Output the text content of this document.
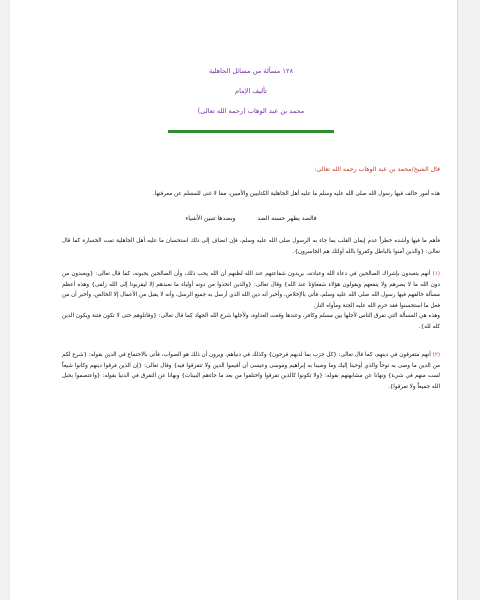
١٢٨ مسألة من مسائل الجاهلية
تأليف الإمام
محمد بن عبد الوهاب (رحمه الله تعالى)
قال الشيخ/محمد بن عبد الوهاب رحمه الله تعالى:

هذه أمور خالف فيها رسول الله صلى الله عليه وسلم ما عليه أهل الجاهلية الكتابيين والأميين، مما لا غنى للمسلم عن معرفتها.

فالضد يظهر حسنه الضد
وبضدها تتبين الأشياء

فأهم ما فيها وأشده خطراً عدم إيمان القلب بما جاء به الرسول صلى الله عليه وسلم، فإن انضاف إلى ذلك استحسان ما عليه أهل الجاهلية تمت الخسارة كما قال تعالى: {والذين آمنوا بالباطل وكفروا بالله أولئك هم الخاسرون}.

(١) أنهم يتعبدون بإشراك الصالحين في دعاء الله وعبادته، يريدون شفاعتهم عند الله لظنهم أن الله يحب ذلك، وأن الصالحين يحبونه، كما قال تعالى: {ويعبدون من دون الله ما لا يضرهم ولا ينفعهم ويقولون هؤلاء شفعاؤنا عند الله} وقال تعالى: {والذين اتخذوا من دونه أولياء ما نعبدهم إلا ليقربونا إلى الله زلفى} وهذه أعظم مسألة خالفهم فيها رسول الله صلى الله عليه وسلم، فأتى بالإخلاص، وأخبر أنه دين الله الذي أرسل به جميع الرسل، وأنه لا يقبل من الأعمال إلا الخالص، وأخبر أن من فعل ما استحسنوا فقد حرم الله عليه الجنة ومأواه النار.

وهذه هي المسألة التي تفرق الناس لأجلها بين مسلم وكافر، وعندها وقعت العداوة، ولأجلها شرع الله الجهاد كما قال تعالى: {وقاتلوهم حتى لا تكون فتنة ويكون الدين كله لله}.

(٢) أنهم متفرقون في دينهم، كما قال تعالى: {كل حزب بما لديهم فرحون} وكذلك في دنياهم، ويرون أن ذلك هو الصواب، فأتى بالاجتماع في الدين بقوله: {شرع لكم من الدين ما وصى به نوحاً والذي أوحينا إليك وما وصينا به إبراهيم وموسى وعيسى أن أقيموا الدين ولا تتفرقوا فيه} وقال تعالى: {إن الذين فرقوا دينهم وكانوا شيعاً لست منهم في شيء} ونهانا عن مشابهتهم بقوله: {ولا تكونوا كالذين تفرقوا واختلفوا من بعد ما جاءهم البينات} ونهانا عن التفرق في الدنيا بقوله: {واعتصموا بحبل الله جميعاً ولا تفرقوا}.
